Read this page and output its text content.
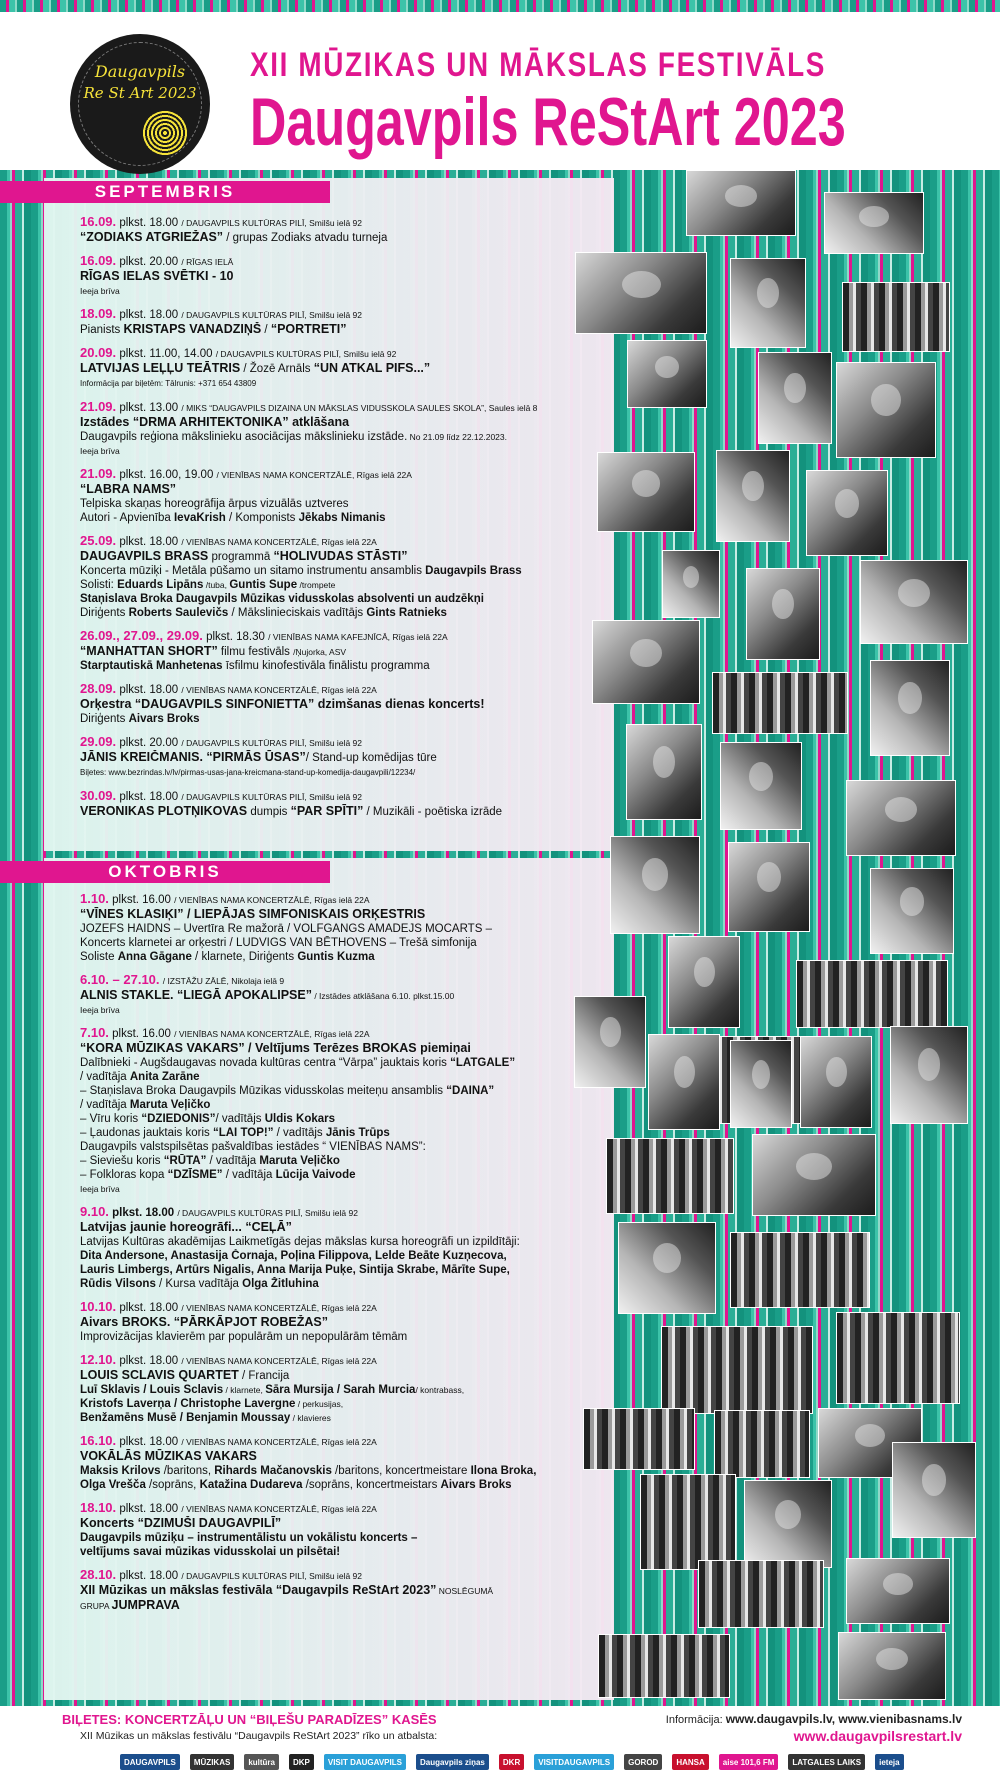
Daugavpils
Re St Art 2023
XII MŪZIKAS UN MĀKSLAS FESTIVĀLS
Daugavpils ReStArt 2023
SEPTEMBRIS
OKTOBRIS
16.09. plkst. 18.00 / DAUGAVPILS KULTŪRAS PILĪ, Smilšu ielā 92
“ZODIAKS ATGRIEŽAS” / grupas Zodiaks atvadu turneja
16.09. plkst. 20.00 / RĪGAS IELĀ
RĪGAS IELAS SVĒTKI - 10
Ieeja brīva
18.09. plkst. 18.00 / DAUGAVPILS KULTŪRAS PILĪ, Smilšu ielā 92
Pianists KRISTAPS VANADZIŅŠ / “PORTRETI”
20.09. plkst. 11.00, 14.00 / DAUGAVPILS KULTŪRAS PILĪ, Smilšu ielā 92
LATVIJAS LEĻĻU TEĀTRIS / Žozē Arnāls “UN ATKAL PIFS...”
Informācija par biļetēm: Tālrunis: +371 654 43809
21.09. plkst. 13.00 / MIKS “DAUGAVPILS DIZAINA UN MĀKSLAS VIDUSSKOLA SAULES SKOLA”, Saules ielā 8
Izstādes “DRMA ARHITEKTONIKA” atklāšana
Daugavpils reģiona mākslinieku asociācijas mākslinieku izstāde. No 21.09 līdz 22.12.2023.
Ieeja brīva
21.09. plkst. 16.00, 19.00 / VIENĪBAS NAMA KONCERTZĀLĒ, Rīgas ielā 22A
“LABRA NAMS”
Telpiska skaņas horeogrāfija ārpus vizuālās uztveres
Autori - Apvienība IevaKrish / Komponists Jēkabs Nimanis
25.09. plkst. 18.00 / VIENĪBAS NAMA KONCERTZĀLĒ, Rīgas ielā 22A
DAUGAVPILS BRASS programmā “HOLIVUDAS STĀSTI”
Koncerta mūziķi - Metāla pūšamo un sitamo instrumentu ansamblis Daugavpils Brass
Solisti: Eduards Lipāns /tuba, Guntis Supe /trompete
Staņislava Broka Daugavpils Mūzikas vidusskolas absolventi un audzēkņi
Diriģents Roberts Saulevičs / Mākslinieciskais vadītājs Gints Ratnieks
26.09., 27.09., 29.09. plkst. 18.30 / VIENĪBAS NAMA KAFEJNĪCĀ, Rīgas ielā 22A
“MANHATTAN SHORT” filmu festivāls /Ņujorka, ASV
Starptautiskā Manhetenas īsfilmu kinofestivāla finālistu programma
28.09. plkst. 18.00 / VIENĪBAS NAMA KONCERTZĀLĒ, Rīgas ielā 22A
Orķestra “DAUGAVPILS SINFONIETTA” dzimšanas dienas koncerts!
Diriģents Aivars Broks
29.09. plkst. 20.00 / DAUGAVPILS KULTŪRAS PILĪ, Smilšu ielā 92
JĀNIS KREIČMANIS. “PIRMĀS ŪSAS”/ Stand-up komēdijas tūre
Biļetes: www.bezrindas.lv/lv/pirmas-usas-jana-kreicmana-stand-up-komedija-daugavpili/12234/
30.09. plkst. 18.00 / DAUGAVPILS KULTŪRAS PILĪ, Smilšu ielā 92
VERONIKAS PLOTŅIKOVAS dumpis “PAR SPĪTI” / Muzikāli - poētiska izrāde
1.10. plkst. 16.00 / VIENĪBAS NAMA KONCERTZĀLĒ, Rīgas ielā 22A
“VĪNES KLASIĶI” / LIEPĀJAS SIMFONISKAIS ORĶESTRIS
JOZEFS HAIDNS – Uvertīra Re mažorā / VOLFGANGS AMADEJS MOCARTS –
Koncerts klarnetei ar orķestri / LUDVIGS VAN BĒTHOVENS – Trešā simfonija
Soliste Anna Gāgane / klarnete, Diriģents Guntis Kuzma
6.10. – 27.10. / IZSTĀŽU ZĀLĒ, Nikolaja ielā 9
ALNIS STAKLE. “LIEGĀ APOKALIPSE” / Izstādes atklāšana 6.10. plkst.15.00
Ieeja brīva
7.10. plkst. 16.00 / VIENĪBAS NAMA KONCERTZĀLĒ, Rīgas ielā 22A
“KORA MŪZIKAS VAKARS” / Veltījums Terēzes BROKAS piemiņai
Dalībnieki - Augšdaugavas novada kultūras centra “Vārpa” jauktais koris “LATGALE”
/ vadītāja Anita Zarāne
– Staņislava Broka Daugavpils Mūzikas vidusskolas meiteņu ansamblis “DAINA”
/ vadītāja Maruta Veļičko
– Vīru koris “DZIEDONIS”/ vadītājs Uldis Kokars
– Ļaudonas jauktais koris “LAI TOP!” / vadītājs Jānis Trūps
Daugavpils valstspilsētas pašvaldības iestādes “ VIENĪBAS NAMS”:
– Sieviešu koris “RŪTA” / vadītāja Maruta Veļičko
– Folkloras kopa “DZĪSME” / vadītāja Lūcija Vaivode
Ieeja brīva
9.10. plkst. 18.00 / DAUGAVPILS KULTŪRAS PILĪ, Smilšu ielā 92
Latvijas jaunie horeogrāfi... “CEĻĀ”
Latvijas Kultūras akadēmijas Laikmetīgās dejas mākslas kursa horeogrāfi un izpildītāji:
Dita Andersone, Anastasija Čornaja, Poļina Filippova, Lelde Beāte Kuzņecova,
Lauris Limbergs, Artūrs Nigalis, Anna Marija Puķe, Sintija Skrabe, Mārīte Supe,
Rūdis Vilsons / Kursa vadītāja Olga Žitluhina
10.10. plkst. 18.00 / VIENĪBAS NAMA KONCERTZĀLĒ, Rīgas ielā 22A
Aivars BROKS. “PĀRKĀPJOT ROBEŽAS”
Improvizācijas klavierēm par populārām un nepopulārām tēmām
12.10. plkst. 18.00 / VIENĪBAS NAMA KONCERTZĀLĒ, Rīgas ielā 22A
LOUIS SCLAVIS QUARTET / Francija
Luī Sklavis / Louis Sclavis / klarnete, Sāra Mursija / Sarah Murcia/ kontrabass,
Kristofs Laverņa / Christophe Lavergne / perkusijas,
Benžamēns Musē / Benjamin Moussay / klavieres
16.10. plkst. 18.00 / VIENĪBAS NAMA KONCERTZĀLĒ, Rīgas ielā 22A
VOKĀLĀS MŪZIKAS VAKARS
Maksis Krilovs /baritons, Rihards Mačanovskis /baritons, koncertmeistare Ilona Broka,
Olga Vrešča /soprāns, Katažina Dudareva /soprāns, koncertmeistars Aivars Broks
18.10. plkst. 18.00 / VIENĪBAS NAMA KONCERTZĀLĒ, Rīgas ielā 22A
Koncerts “DZIMUŠI DAUGAVPILĪ”
Daugavpils mūziķu – instrumentālistu un vokālistu koncerts –
veltījums savai mūzikas vidusskolai un pilsētai!
28.10. plkst. 18.00 / DAUGAVPILS KULTŪRAS PILĪ, Smilšu ielā 92
XII Mūzikas un mākslas festivāla “Daugavpils ReStArt 2023” NOSLĒGUMĀ
GRUPA JUMPRAVA
BIĻETES: KONCERTZĀĻU UN “BIĻEŠU PARADĪZES” KASĒS
XII Mūzikas un mākslas festivālu “Daugavpils ReStArt 2023” rīko un atbalsta:
Informācija: www.daugavpils.lv, www.vienibasnams.lv
www.daugavpilsrestart.lv
DAUGAVPILS	MŪZIKAS	kultūra	DKP	VISIT DAUGAVPILS	Daugavpils ziņas	DKR	VISITDAUGAVPILS	GOROD	HANSA	aise 101,6 FM	LATGALES LAIKS	ieteja
